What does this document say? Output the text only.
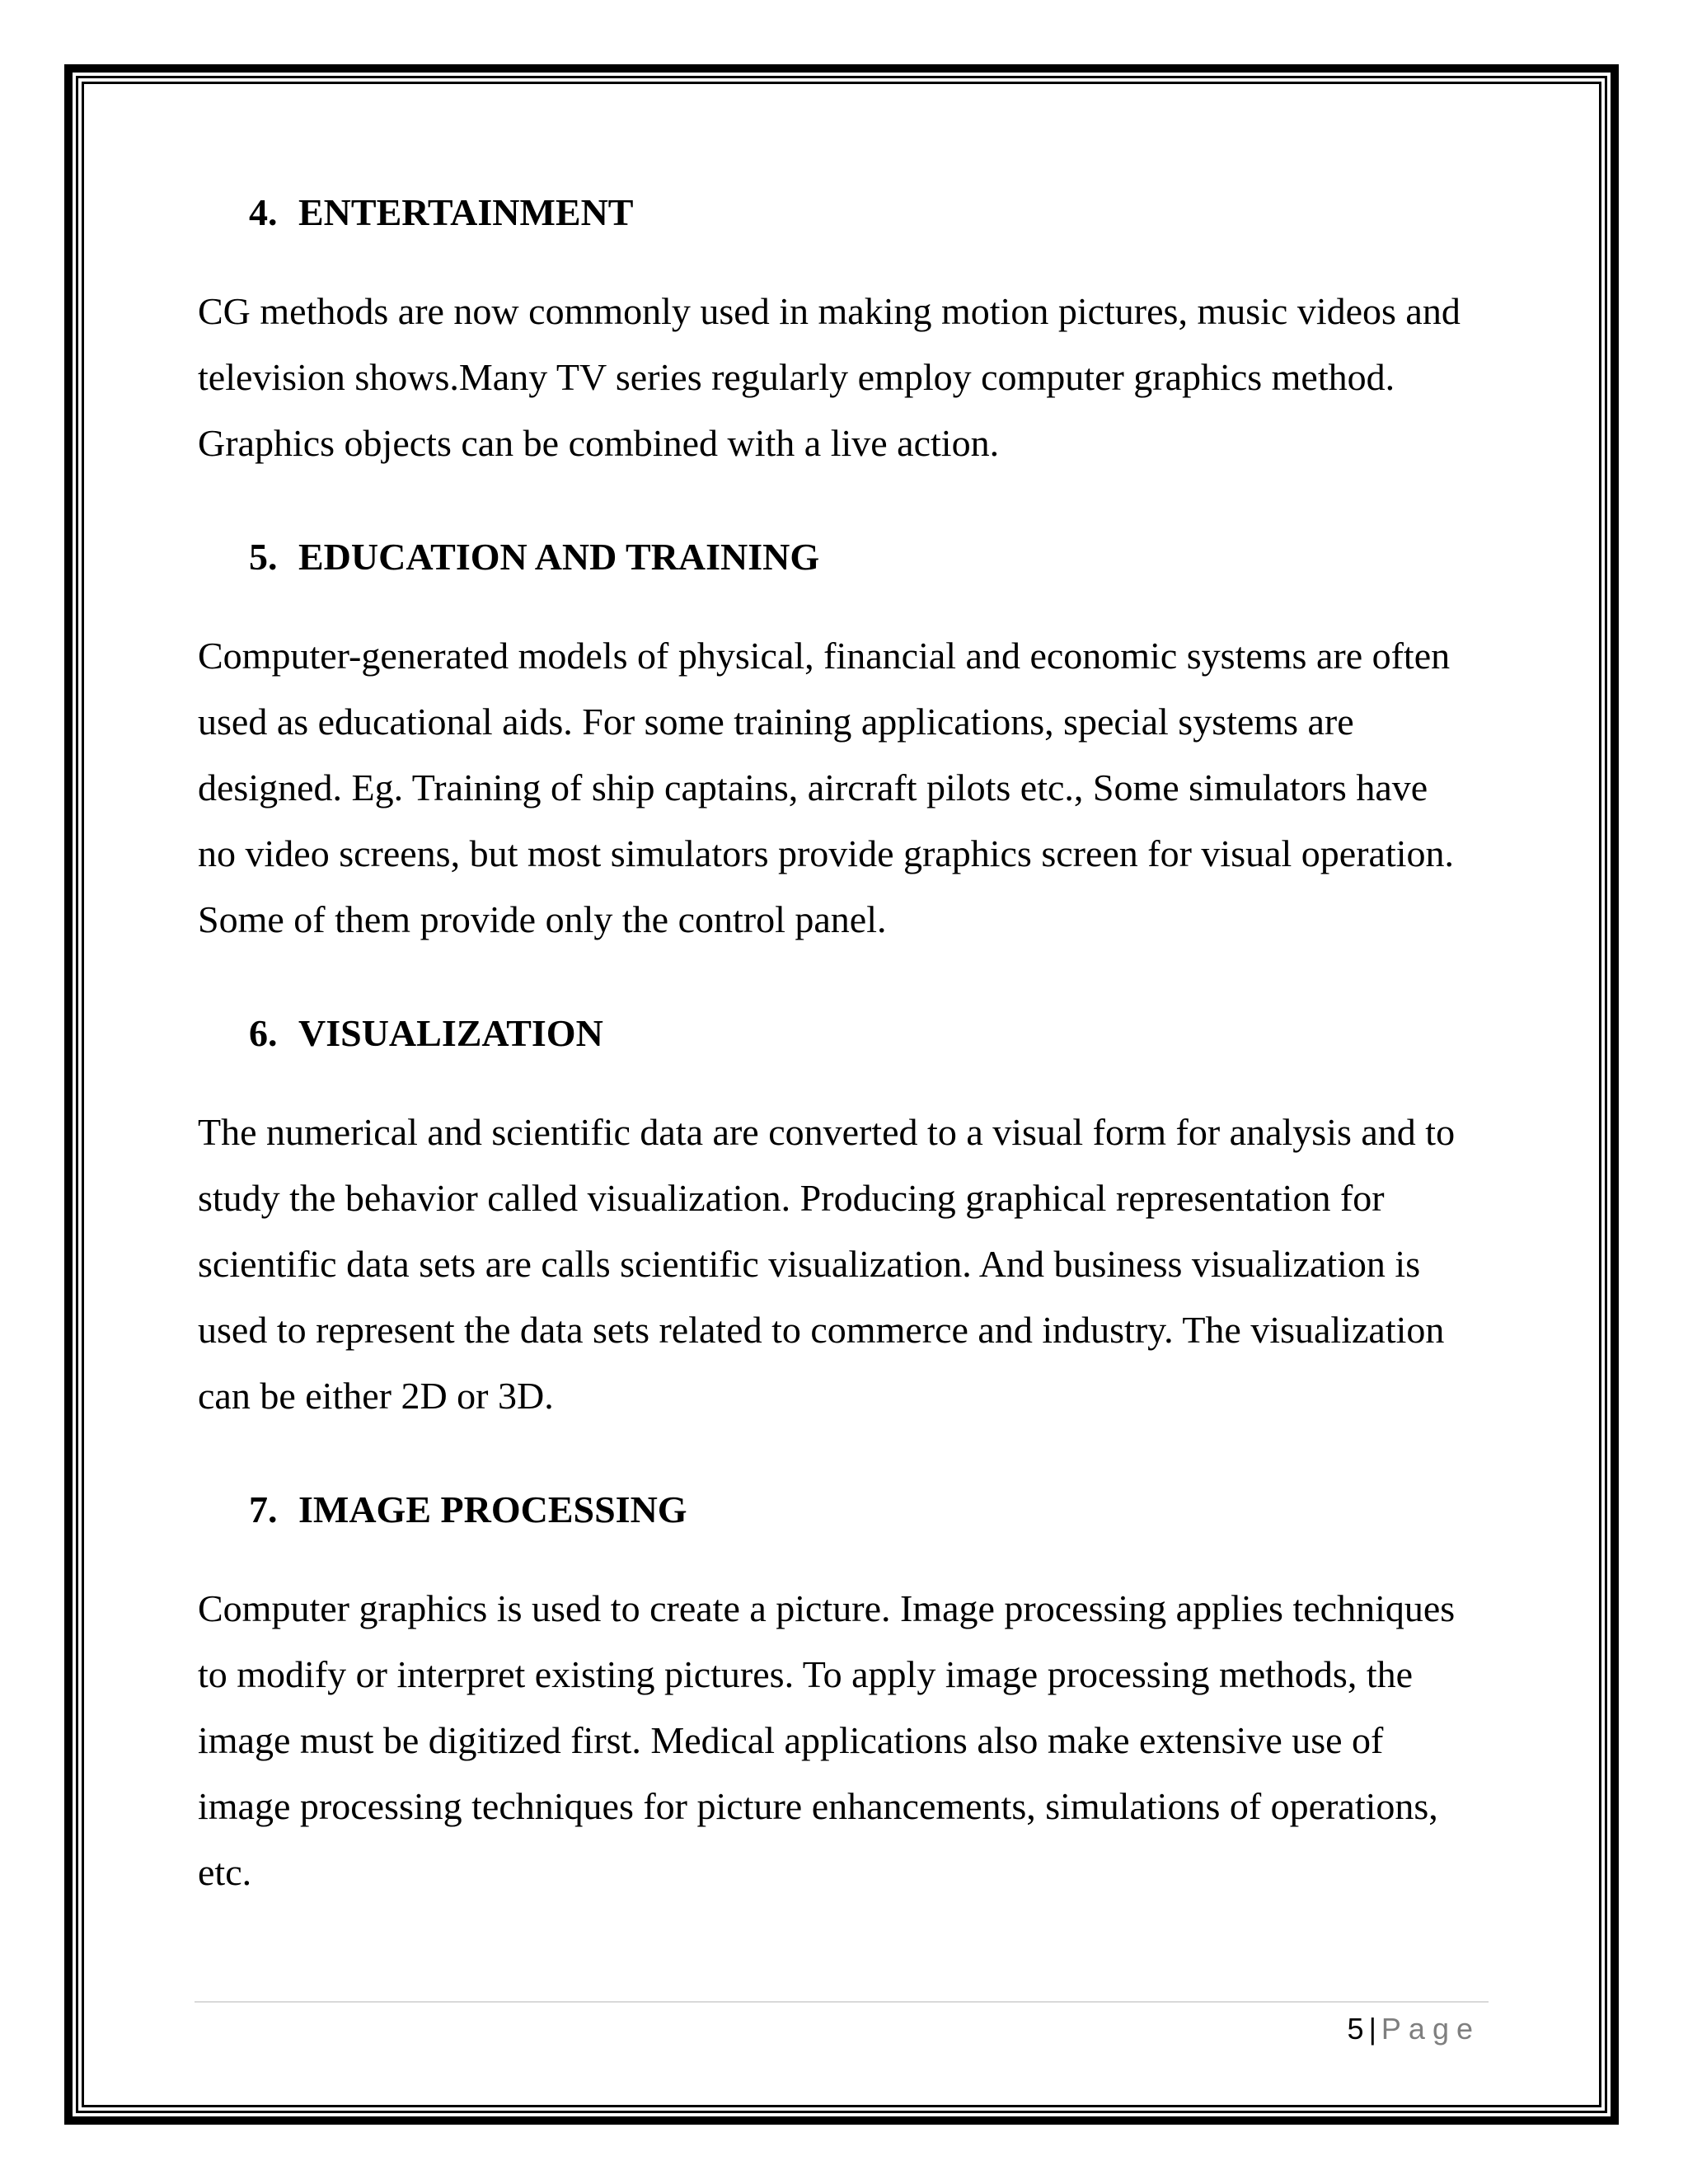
4. ENTERTAINMENT
CG methods are now commonly used in making motion pictures, music videos and
television shows.Many TV series regularly employ computer graphics method.
Graphics objects can be combined with a live action.
5. EDUCATION AND TRAINING
Computer-generated models of physical, financial and economic systems are often
used as educational aids. For some training applications, special systems are
designed. Eg. Training of ship captains, aircraft pilots etc., Some simulators have
no video screens, but most simulators provide graphics screen for visual operation.
Some of them provide only the control panel.
6. VISUALIZATION
The numerical and scientific data are converted to a visual form for analysis and to
study the behavior called visualization. Producing graphical representation for
scientific data sets are calls scientific visualization. And business visualization is
used to represent the data sets related to commerce and industry. The visualization
can be either 2D or 3D.
7. IMAGE PROCESSING
Computer graphics is used to create a picture. Image processing applies techniques
to modify or interpret existing pictures. To apply image processing methods, the
image must be digitized first. Medical applications also make extensive use of
image processing techniques for picture enhancements, simulations of operations,
etc.
5 | Page
